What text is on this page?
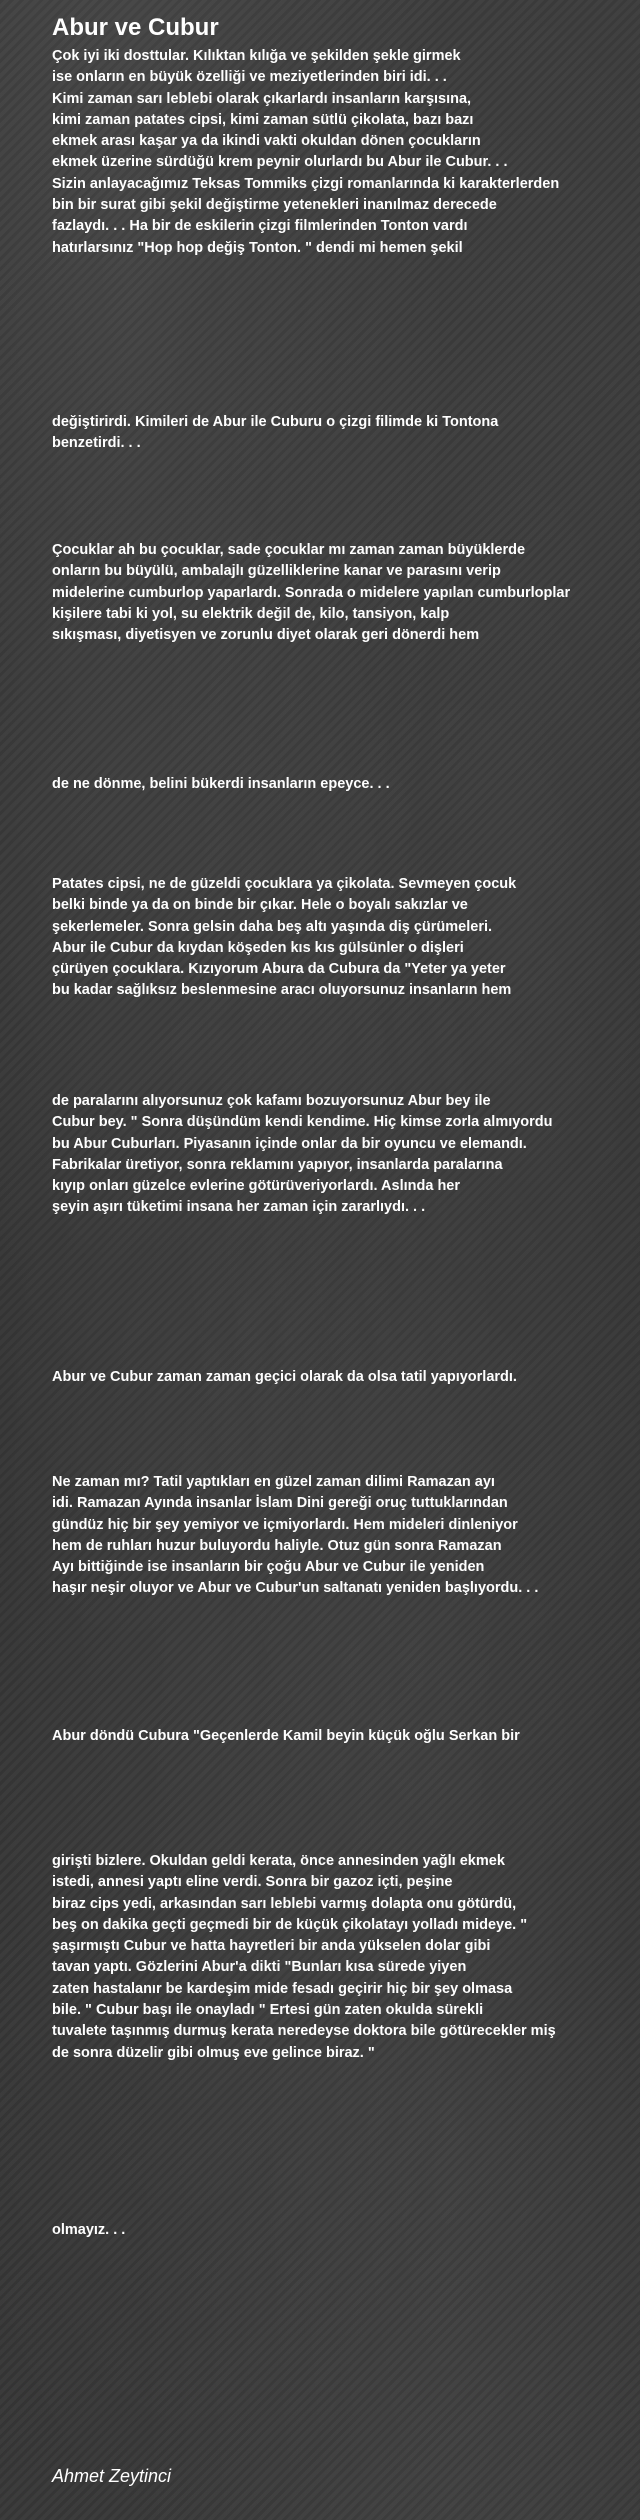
Abur ve Cubur
Çok iyi iki dosttular. Kılıktan kılığa ve şekilden şekle girmek
ise onların en büyük özelliği ve meziyetlerinden biri idi. . .
Kimi zaman sarı leblebi olarak çıkarlardı insanların karşısına,
kimi zaman patates cipsi, kimi zaman sütlü çikolata, bazı bazı
ekmek arası kaşar ya da ikindi vakti okuldan dönen çocukların
ekmek üzerine sürdüğü krem peynir olurlardı bu Abur ile Cubur. . .
Sizin anlayacağımız Teksas Tommiks çizgi romanlarında ki karakterlerden
bin bir surat gibi şekil değiştirme yetenekleri inanılmaz derecede
fazlaydı. . . Ha bir de eskilerin çizgi filmlerinden Tonton vardı
hatırlarsınız "Hop hop değiş Tonton. " dendi mi hemen şekil
değiştirirdi. Kimileri de Abur ile Cuburu o çizgi filimde ki Tontona
benzetirdi. . .
Çocuklar ah bu çocuklar, sade çocuklar mı zaman zaman büyüklerde
onların bu büyülü, ambalajlı güzelliklerine kanar ve parasını verip
midelerine cumburlop yaparlardı. Sonrada o midelere yapılan cumburloplar
kişilere tabi ki yol, su elektrik değil de, kilo, tansiyon, kalp
sıkışması, diyetisyen ve zorunlu diyet olarak geri dönerdi hem
de ne dönme, belini bükerdi insanların epeyce. . .
Patates cipsi, ne de güzeldi çocuklara ya çikolata. Sevmeyen çocuk
belki binde ya da on binde bir çıkar. Hele o boyalı sakızlar ve
şekerlemeler. Sonra gelsin daha beş altı yaşında diş çürümeleri.
Abur ile Cubur da kıydan köşeden kıs kıs gülsünler o dişleri
çürüyen çocuklara. Kızıyorum Abura da Cubura da "Yeter ya yeter
bu kadar sağlıksız beslenmesine aracı oluyorsunuz insanların hem
de paralarını alıyorsunuz çok kafamı bozuyorsunuz Abur bey ile
Cubur bey. " Sonra düşündüm kendi kendime. Hiç kimse zorla almıyordu
bu Abur Cuburları. Piyasanın içinde onlar da bir oyuncu ve elemandı.
Fabrikalar üretiyor, sonra reklamını yapıyor, insanlarda paralarına
kıyıp onları güzelce evlerine götürüveriyorlardı. Aslında her
şeyin aşırı tüketimi insana her zaman için zararlıydı. . .
Abur ve Cubur zaman zaman geçici olarak da olsa tatil yapıyorlardı.
Ne zaman mı? Tatil yaptıkları en güzel zaman dilimi Ramazan ayı
idi. Ramazan Ayında insanlar İslam Dini gereği oruç tuttuklarından
gündüz hiç bir şey yemiyor ve içmiyorlardı. Hem mideleri dinleniyor
hem de ruhları huzur buluyordu haliyle. Otuz gün sonra Ramazan
Ayı bittiğinde ise insanların bir çoğu Abur ve Cubur ile yeniden
haşır neşir oluyor ve Abur ve Cubur'un saltanatı yeniden başlıyordu. . .
Abur döndü Cubura "Geçenlerde Kamil beyin küçük oğlu Serkan bir
girişti bizlere. Okuldan geldi kerata, önce annesinden yağlı ekmek
istedi, annesi yaptı eline verdi. Sonra bir gazoz içti, peşine
biraz cips yedi, arkasından sarı leblebi varmış dolapta onu götürdü,
beş on dakika geçti geçmedi bir de küçük çikolatayı yolladı mideye. "
şaşırmıştı Cubur ve hatta hayretleri bir anda yükselen dolar gibi
tavan yaptı. Gözlerini Abur'a dikti "Bunları kısa sürede yiyen
zaten hastalanır be kardeşim mide fesadı geçirir hiç bir şey olmasa
bile. " Cubur başı ile onayladı " Ertesi gün zaten okulda sürekli
tuvalete taşınmış durmuş kerata neredeyse doktora bile götürecekler miş
de sonra düzelir gibi olmuş eve gelince biraz. "
olmayız. . .
Ahmet Zeytinci
